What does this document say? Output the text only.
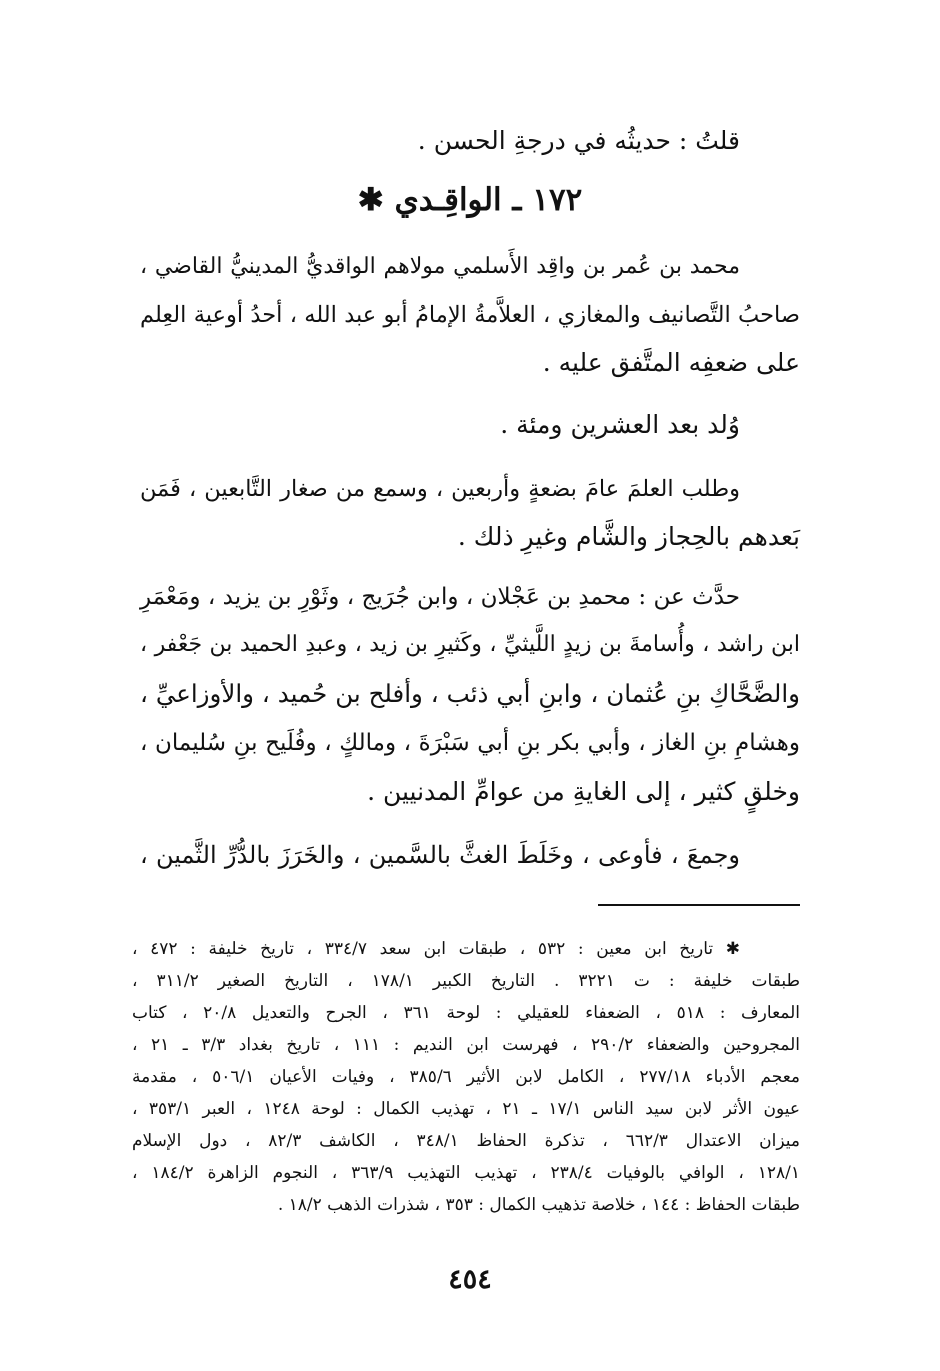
قلتُ : حديثُه في درجةِ الحسن .
١٧٢ ـ الواقِـدي ✱
محمد بن عُمر بن واقِد الأَسلمي مولاهم الواقديُّ المدينيُّ القاضي ،
صاحبُ التَّصانيف والمغازي ، العلاَّمةُ الإمامُ أبو عبد الله ، أحدُ أوعية العِلم
على ضعفِه المتَّفق عليه .
وُلد بعد العشرين ومئة .
وطلب العلمَ عامَ بضعةٍ وأربعين ، وسمع من صغار التَّابعين ، فَمَن
بَعدهم بالحِجاز والشَّام وغيرِ ذلك .
حدَّث عن : محمدِ بن عَجْلان ، وابن جُرَيج ، وثَوْرِ بن يزيد ، ومَعْمَرِ
ابن راشد ، وأُسامةَ بن زيدٍ اللَّيثيِّ ، وكَثيرِ بن زيد ، وعبدِ الحميد بن جَعْفر ،
والضَّحَّاكِ بنِ عُثمان ، وابنِ أبي ذئب ، وأفلح بن حُميد ، والأوزاعيِّ ،
وهشامِ بنِ الغاز ، وأبي بكر بنِ أبي سَبْرَةَ ، ومالكٍ ، وفُلَيح بنِ سُليمان ،
وخلقٍ كثير ، إلى الغايةِ من عوامِّ المدنيين .
وجمعَ ، فأوعى ، وخَلَطَ الغثَّ بالسَّمين ، والخَرَزَ بالدُّرِّ الثَّمين ،
✱ تاريخ ابن معين : ٥٣٢ ، طبقات ابن سعد ٣٣٤/٧ ، تاريخ خليفة : ٤٧٢ ،
طبقات خليفة : ت ٣٢٢١ . التاريخ الكبير ١٧٨/١ ، التاريخ الصغير ٣١١/٢ ،
المعارف : ٥١٨ ، الضعفاء للعقيلي : لوحة ٣٦١ ، الجرح والتعديل ٢٠/٨ ، كتاب
المجروحين والضعفاء ٢٩٠/٢ ، فهرست ابن النديم : ١١١ ، تاريخ بغداد ٣/٣ ـ ٢١ ،
معجم الأدباء ٢٧٧/١٨ ، الكامل لابن الأثير ٣٨٥/٦ ، وفيات الأعيان ٥٠٦/١ ، مقدمة
عيون الأثر لابن سيد الناس ١٧/١ ـ ٢١ ، تهذيب الكمال : لوحة ١٢٤٨ ، العبر ٣٥٣/١ ،
ميزان الاعتدال ٦٦٢/٣ ، تذكرة الحفاظ ٣٤٨/١ ، الكاشف ٨٢/٣ ، دول الإسلام
١٢٨/١ ، الوافي بالوفيات ٢٣٨/٤ ، تهذيب التهذيب ٣٦٣/٩ ، النجوم الزاهرة ١٨٤/٢ ،
طبقات الحفاظ : ١٤٤ ، خلاصة تذهيب الكمال : ٣٥٣ ، شذرات الذهب ١٨/٢ .
٤٥٤
